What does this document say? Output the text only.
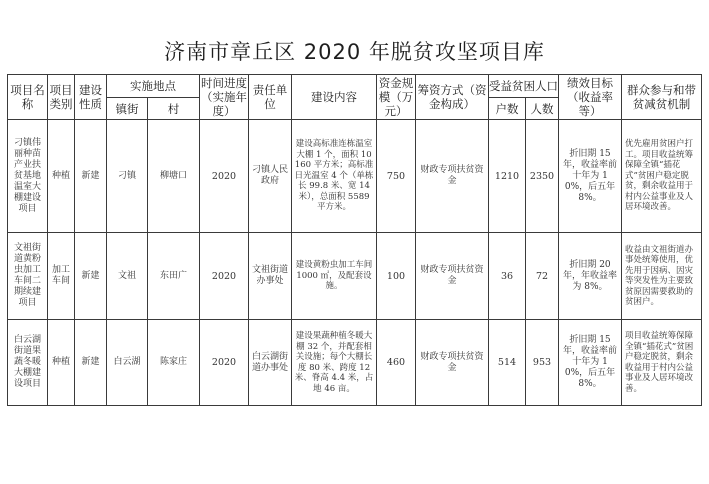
济南市章丘区 2020 年脱贫攻坚项目库
项目名称	项目类别	建设性质	实施地点		时间进度（实施年度）	责任单位	建设内容	资金规模（万元）	筹资方式（资金构成）	受益贫困人口		绩效目标（收益率等）	群众参与和带贫减贫机制
			镇街	村						户数	人数		
刁镇伟丽种苗产业扶贫基地温室大棚建设项目	种植	新建	刁镇	柳塘口	2020	刁镇人民政府	建设高标准连栋温室大棚 1 个，面积 10160 平方米；高标准日光温室 4 个（单栋长 99.8 米、宽 14 米），总面积 5589 平方米。	750	财政专项扶贫资金	1210	2350	折旧期 15 年，收益率前十年为 10%，后五年 8%。	优先雇用贫困户打工。项目收益统筹保障全镇“插花式”贫困户稳定脱贫，剩余收益用于村内公益事业及人居环境改善。
文祖街道黄粉虫加工车间二期续建项目	加工车间	新建	文祖	东田广	2020	文祖街道办事处	建设黄粉虫加工车间 1000 ㎡，及配套设施。	100	财政专项扶贫资金	36	72	折旧期 20 年，年收益率为 8%。	收益由文祖街道办事处统筹使用，优先用于因病、因灾等突发性为主要致贫原因需要救助的贫困户。
白云湖街道果蔬冬暖大棚建设项目	种植	新建	白云湖	陈家庄	2020	白云湖街道办事处	建设果蔬种植冬暖大棚 32 个，并配套相关设施；每个大棚长度 80 米、跨度 12 米、脊高 4.4 米，占地 46 亩。	460	财政专项扶贫资金	514	953	折旧期 15 年，收益率前十年为 10%，后五年 8%。	项目收益统筹保障全镇“插花式”贫困户稳定脱贫，剩余收益用于村内公益事业及人居环境改善。
